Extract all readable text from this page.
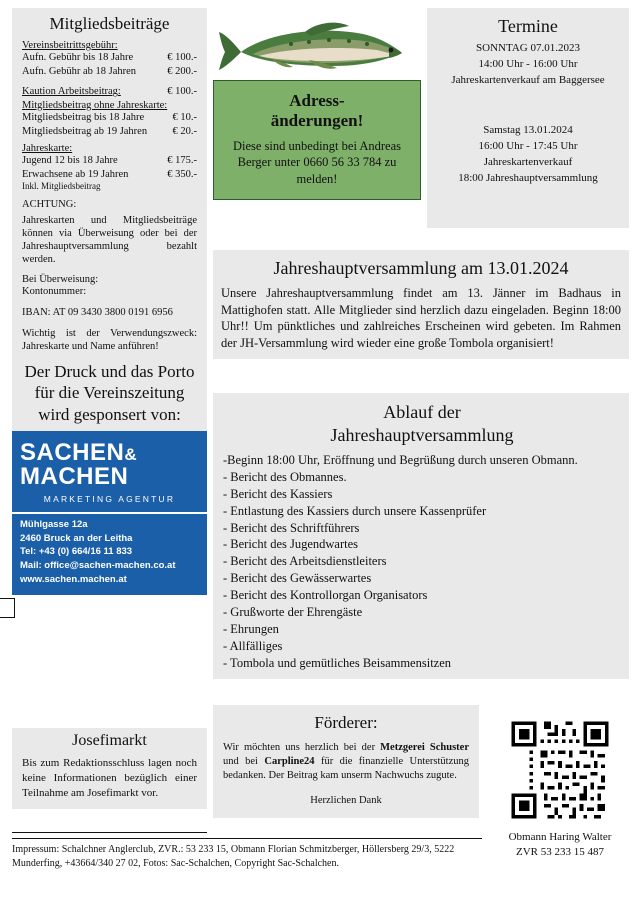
Mitgliedsbeiträge
Vereinsbeitrittsgebühr:
Aufn. Gebühr bis 18 Jahre	€ 100.-
Aufn. Gebühr ab 18 Jahren	€ 200.-
Kaution Arbeitsbeitrag:	€ 100.-
Mitgliedsbeitrag ohne Jahreskarte:
Mitgliedsbeitrag bis 18 Jahre	€ 10.-
Mitgliedsbeitrag ab 19 Jahren	€ 20.-
Jahreskarte:
Jugend 12 bis 18 Jahre	€ 175.-
Erwachsene ab 19 Jahren	€ 350.-
Inkl. Mitgliedsbeitrag
ACHTUNG:
Jahreskarten und Mitgliedsbeiträge können via Überweisung oder bei der Jahreshauptversammlung bezahlt werden.
Bei Überweisung:
Kontonummer:
IBAN: AT 09 3430 3800 0191 6956
Wichtig ist der Verwendungszweck: Jahreskarte und Name anführen!
Der Druck und das Porto für die Vereinszeitung wird gesponsert von:
SACHEN&
MACHEN
MARKETING AGENTUR
Mühlgasse 12a
2460 Bruck an der Leitha
Tel: +43 (0) 664/16 11 833
Mail: office@sachen-machen.co.at
www.sachen.machen.at
Josefimarkt

Bis zum Redaktionsschluss lagen noch keine Informationen bezüglich einer Teilnahme am Josefimarkt vor.

Adress-
änderungen!
Diese sind unbedingt bei Andreas Berger unter 0660 56 33 784 zu melden!
Termine
SONNTAG 07.01.2023
14:00 Uhr - 16:00 Uhr
Jahreskartenverkauf am Baggersee
Samstag 13.01.2024
16:00 Uhr - 17:45 Uhr
Jahreskartenverkauf
18:00 Jahreshauptversammlung
Jahreshauptversammlung am 13.01.2024

Unsere Jahreshauptversammlung findet am 13. Jänner im Badhaus in Mattighofen statt. Alle Mitglieder sind herzlich dazu eingeladen. Beginn 18:00 Uhr!! Um pünktliches und zahlreiches Erscheinen wird gebeten. Im Rahmen der JH-Versammlung wird wieder eine große Tombola organisiert!

Ablauf der
Jahreshauptversammlung
-Beginn 18:00 Uhr, Eröffnung und Begrüßung durch unseren Obmann.
- Bericht des Obmannes.
- Bericht des Kassiers
- Entlastung des Kassiers durch unsere Kassenprüfer
- Bericht des Schriftführers
- Bericht des Jugendwartes
- Bericht des Arbeitsdienstleiters
- Bericht des Gewässerwartes
- Bericht des Kontrollorgan Organisators
- Grußworte der Ehrengäste
- Ehrungen
- Allfälliges
- Tombola und gemütliches Beisammensitzen
Förderer:

Wir möchten uns herzlich bei der Metzgerei Schuster und bei Carpline24 für die finanzielle Unterstützung bedanken. Der Beitrag kam unserm Nachwuchs zugute.

Herzlichen Dank

Obmann Haring Walter
ZVR 53 233 15 487
Impressum: Schalchner Anglerclub, ZVR.: 53 233 15, Obmann Florian Schmitzberger, Höllersberg 29/3, 5222 Munderfing, +43664/340 27 02, Fotos: Sac-Schalchen, Copyright Sac-Schalchen.
